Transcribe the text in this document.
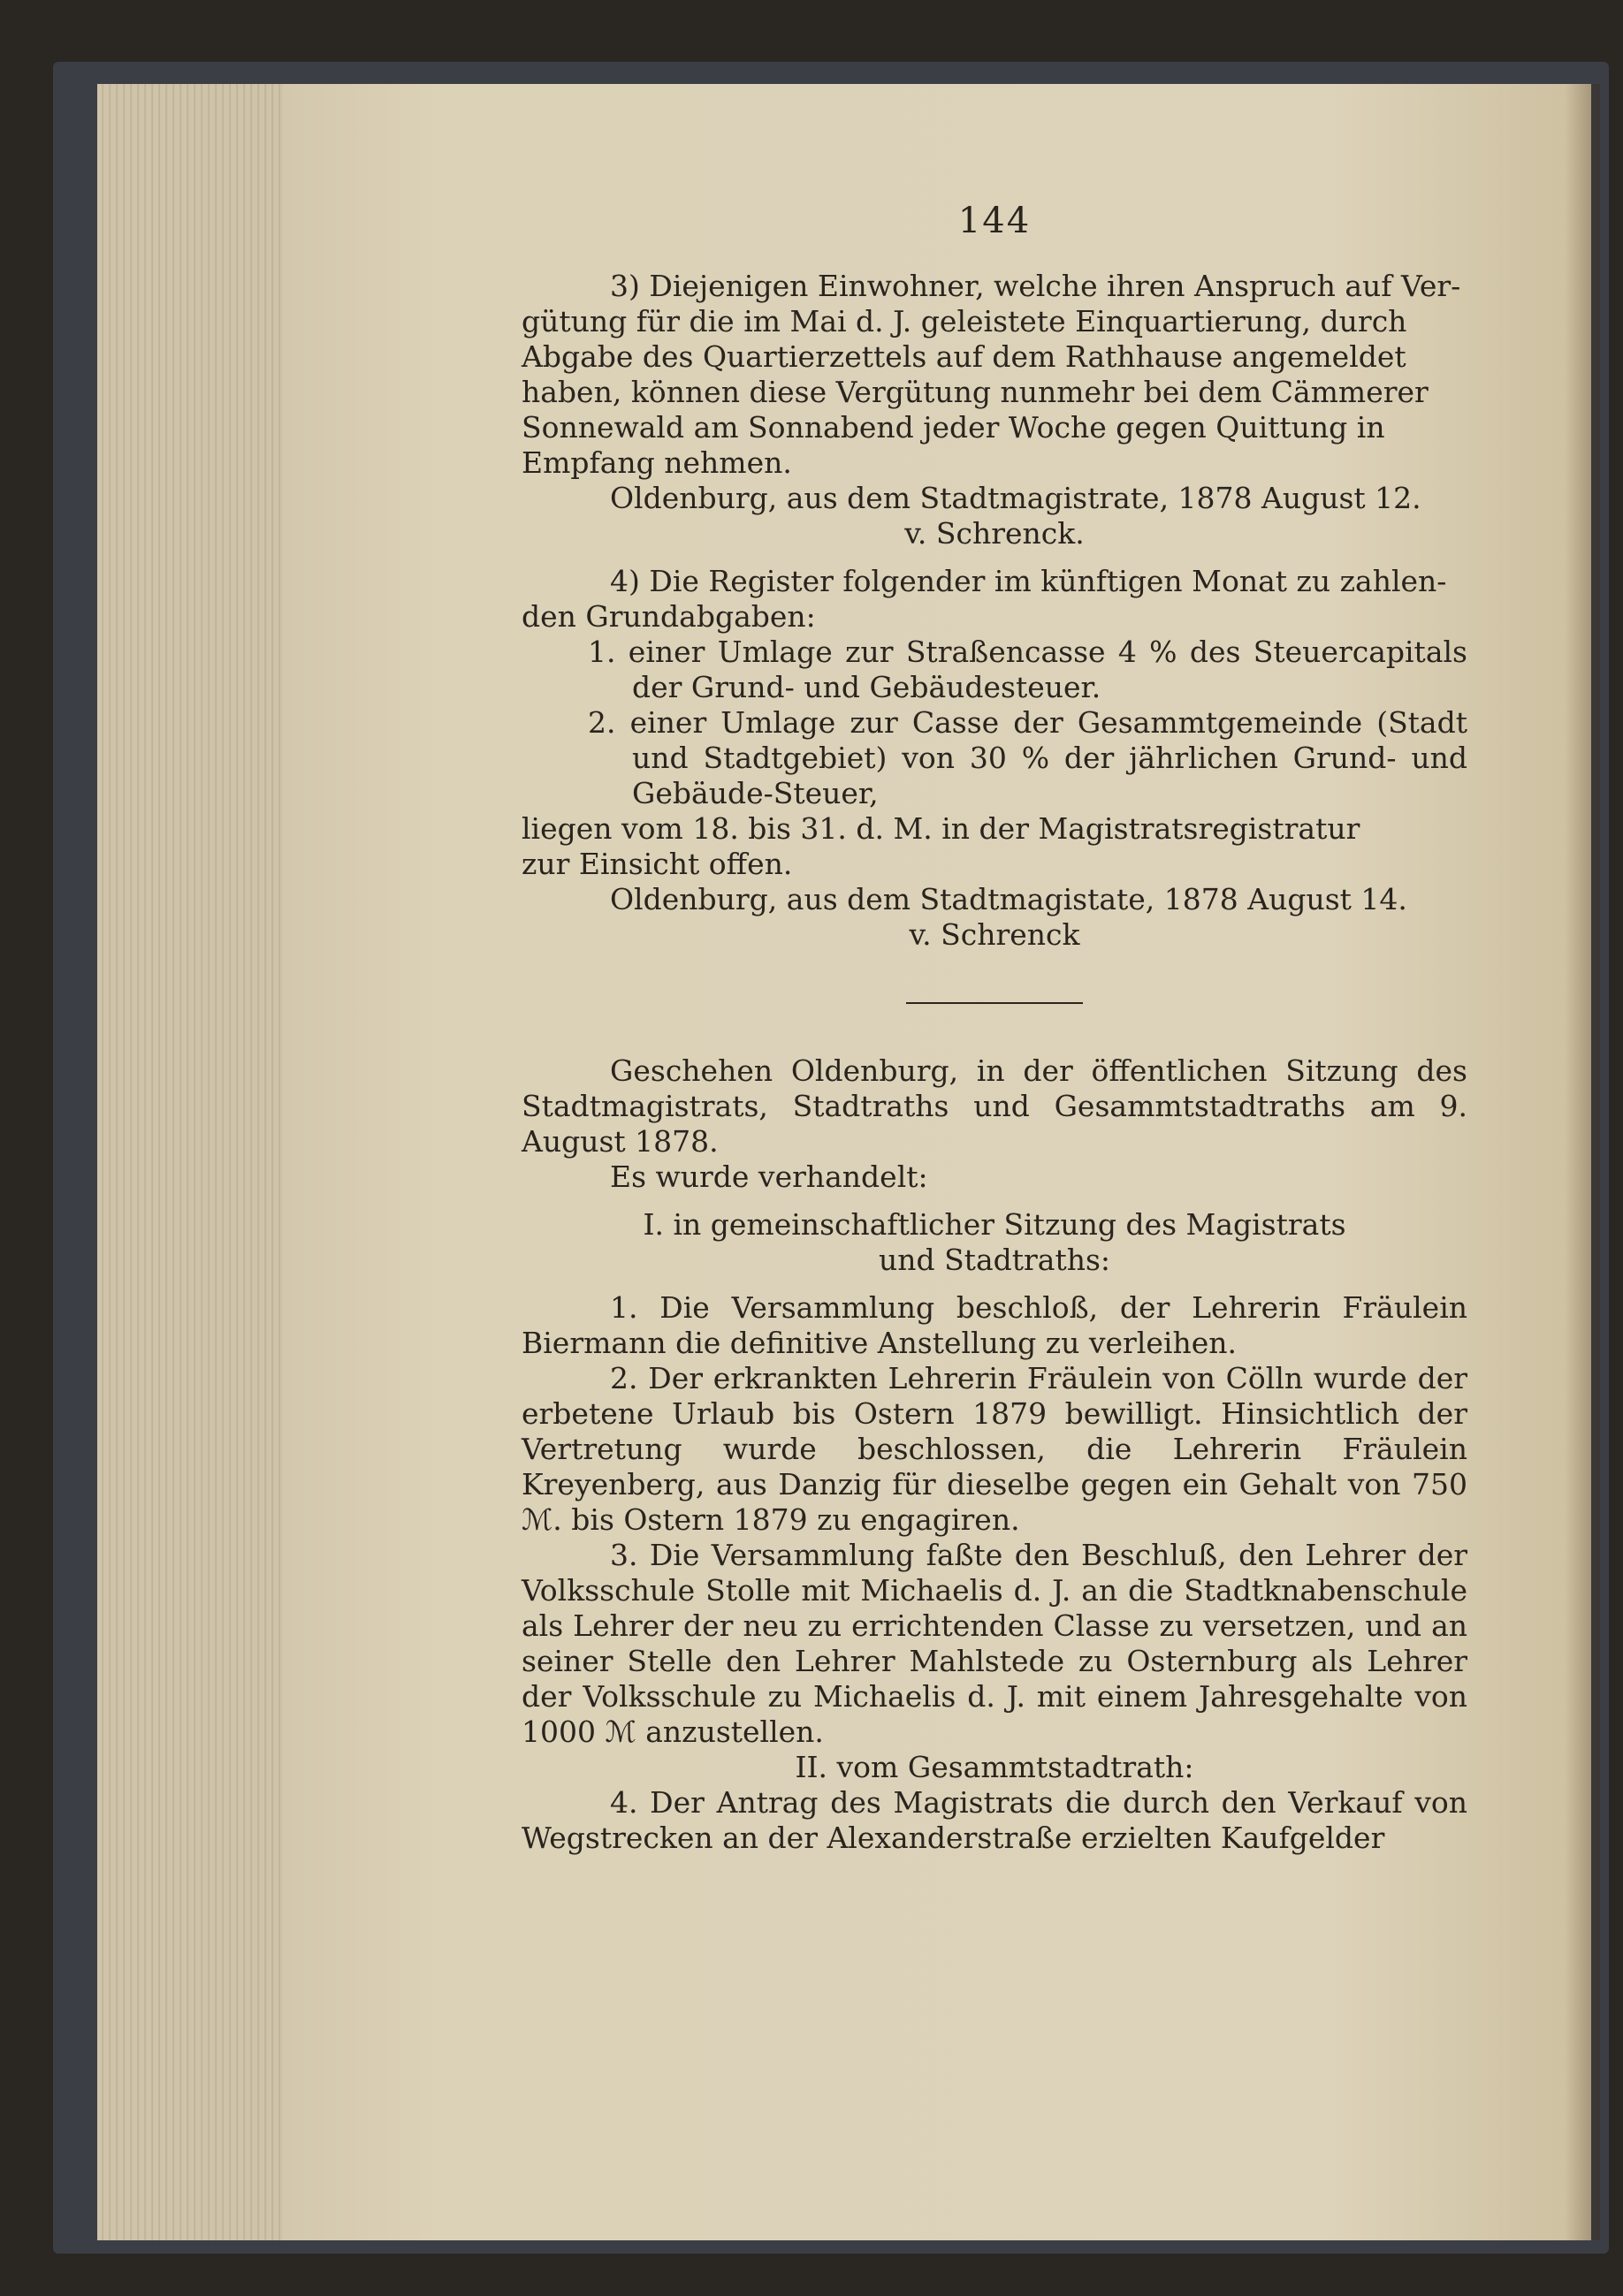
144

3) Diejenigen Einwohner, welche ihren Anspruch auf Ver-

gütung für die im Mai d. J. geleistete Einquartierung, durch

Abgabe des Quartierzettels auf dem Rathhause angemeldet

haben, können diese Vergütung nunmehr bei dem Cämmerer

Sonnewald am Sonnabend jeder Woche gegen Quittung in

Empfang nehmen.

Oldenburg, aus dem Stadtmagistrate, 1878 August 12.

v. Schrenck.

4) Die Register folgender im künftigen Monat zu zahlen-

den Grundabgaben:

1. einer Umlage zur Straßencasse 4 % des Steuercapitals der Grund- und Gebäudesteuer.

2. einer Umlage zur Casse der Gesammtgemeinde (Stadt und Stadtgebiet) von 30 % der jährlichen Grund- und Gebäude-Steuer,

liegen vom 18. bis 31. d. M. in der Magistratsregistratur

zur Einsicht offen.

Oldenburg, aus dem Stadtmagistate, 1878 August 14.

v. Schrenck

Geschehen Oldenburg, in der öffentlichen Sitzung des Stadtmagistrats, Stadtraths und Gesammtstadtraths am 9. August 1878.

Es wurde verhandelt:

I. in gemeinschaftlicher Sitzung des Magistrats

und Stadtraths:

1. Die Versammlung beschloß, der Lehrerin Fräulein Biermann die definitive Anstellung zu verleihen.

2. Der erkrankten Lehrerin Fräulein von Cölln wurde der erbetene Urlaub bis Ostern 1879 bewilligt. Hinsichtlich der Vertretung wurde beschlossen, die Lehrerin Fräulein Kreyenberg, aus Danzig für dieselbe gegen ein Gehalt von 750 ℳ. bis Ostern 1879 zu engagiren.

3. Die Versammlung faßte den Beschluß, den Lehrer der Volksschule Stolle mit Michaelis d. J. an die Stadtknabenschule als Lehrer der neu zu errichtenden Classe zu versetzen, und an seiner Stelle den Lehrer Mahlstede zu Osternburg als Lehrer der Volksschule zu Michaelis d. J. mit einem Jahresgehalte von 1000 ℳ anzustellen.

II. vom Gesammtstadtrath:

4. Der Antrag des Magistrats die durch den Verkauf von Wegstrecken an der Alexanderstraße erzielten Kaufgelder
